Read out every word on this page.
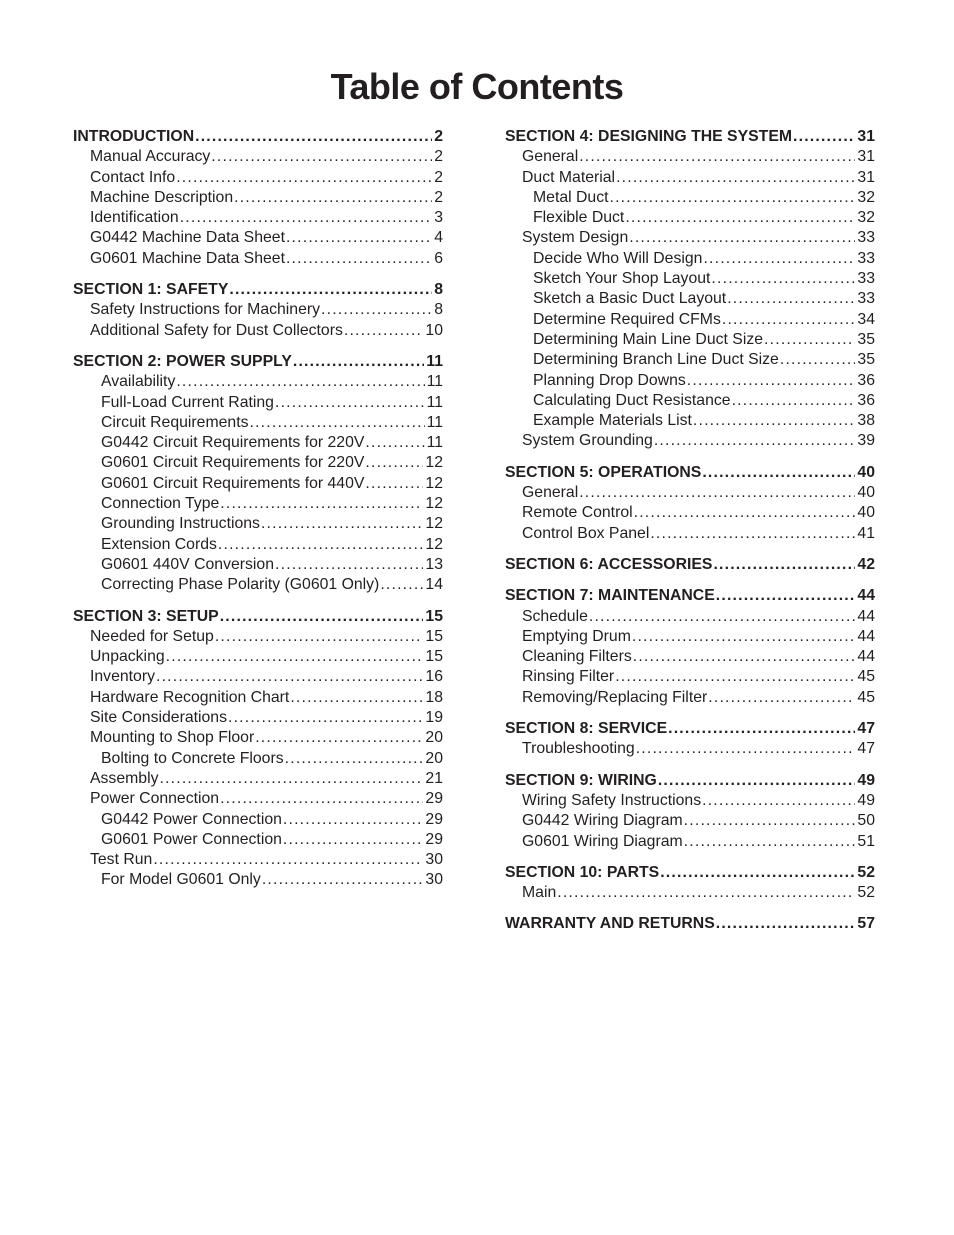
Table of Contents
INTRODUCTION .....	2
Manual Accuracy .....	2
Contact Info .....	2
Machine Description .....	2
Identification .....	3
G0442 Machine Data Sheet .....	4
G0601 Machine Data Sheet .....	6
SECTION 1: SAFETY .....	8
Safety Instructions for Machinery .....	8
Additional Safety for Dust Collectors .....	10
SECTION 2: POWER SUPPLY .....	11
Availability .....	11
Full-Load Current Rating .....	11
Circuit Requirements .....	11
G0442 Circuit Requirements for 220V .....	11
G0601 Circuit Requirements for 220V .....	12
G0601 Circuit Requirements for 440V .....	12
Connection Type .....	12
Grounding Instructions .....	12
Extension Cords .....	12
G0601 440V Conversion .....	13
Correcting Phase Polarity (G0601 Only) .....	14
SECTION 3: SETUP .....	15
Needed for Setup .....	15
Unpacking .....	15
Inventory .....	16
Hardware Recognition Chart .....	18
Site Considerations .....	19
Mounting to Shop Floor .....	20
Bolting to Concrete Floors .....	20
Assembly .....	21
Power Connection .....	29
G0442 Power Connection .....	29
G0601 Power Connection .....	29
Test Run .....	30
For Model G0601 Only .....	30
SECTION 4: DESIGNING THE SYSTEM .....	31
General .....	31
Duct Material .....	31
Metal Duct .....	32
Flexible Duct .....	32
System Design .....	33
Decide Who Will Design .....	33
Sketch Your Shop Layout .....	33
Sketch a Basic Duct Layout .....	33
Determine Required CFMs .....	34
Determining Main Line Duct Size .....	35
Determining Branch Line Duct Size .....	35
Planning Drop Downs .....	36
Calculating Duct Resistance .....	36
Example Materials List .....	38
System Grounding .....	39
SECTION 5: OPERATIONS .....	40
General .....	40
Remote Control .....	40
Control Box Panel .....	41
SECTION 6: ACCESSORIES .....	42
SECTION 7: MAINTENANCE .....	44
Schedule .....	44
Emptying Drum .....	44
Cleaning Filters .....	44
Rinsing Filter .....	45
Removing/Replacing Filter .....	45
SECTION 8: SERVICE .....	47
Troubleshooting .....	47
SECTION 9: WIRING .....	49
Wiring Safety Instructions .....	49
G0442 Wiring Diagram .....	50
G0601 Wiring Diagram .....	51
SECTION 10: PARTS .....	52
Main .....	52
WARRANTY AND RETURNS .....	57
